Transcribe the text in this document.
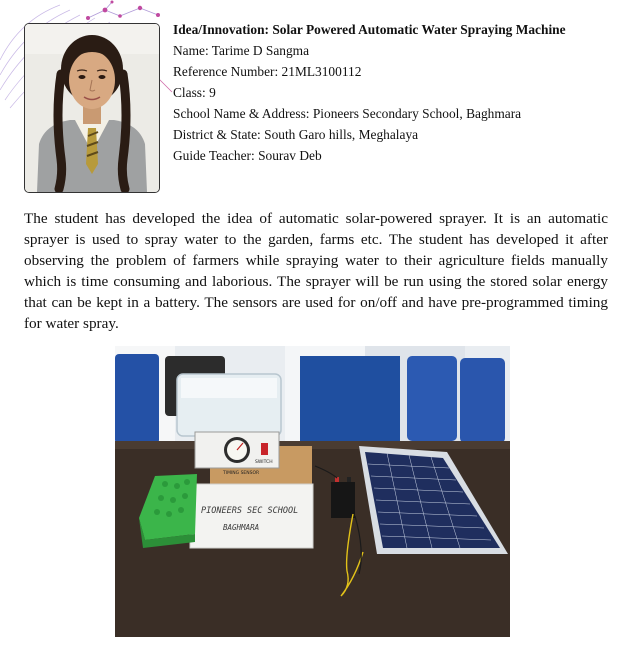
Idea/Innovation: Solar Powered Automatic Water Spraying Machine

Name: Tarime D Sangma

Reference Number: 21ML3100112

Class: 9

School Name & Address: Pioneers Secondary School, Baghmara

District & State: South Garo hills, Meghalaya

Guide Teacher: Sourav Deb

The student has developed the idea of automatic solar-powered sprayer. It is an automatic sprayer is used to spray water to the garden, farms etc. The student has developed it after observing the problem of farmers while spraying water to their agriculture fields manually which is time consuming and laborious. The sprayer will be run using the stored solar energy that can be kept in a battery. The sensors are used for on/off and have pre-programmed timing for water spray.

TIMING SENSOR
SWITCH
PIONEERS SEC SCHOOL
BAGHMARA
